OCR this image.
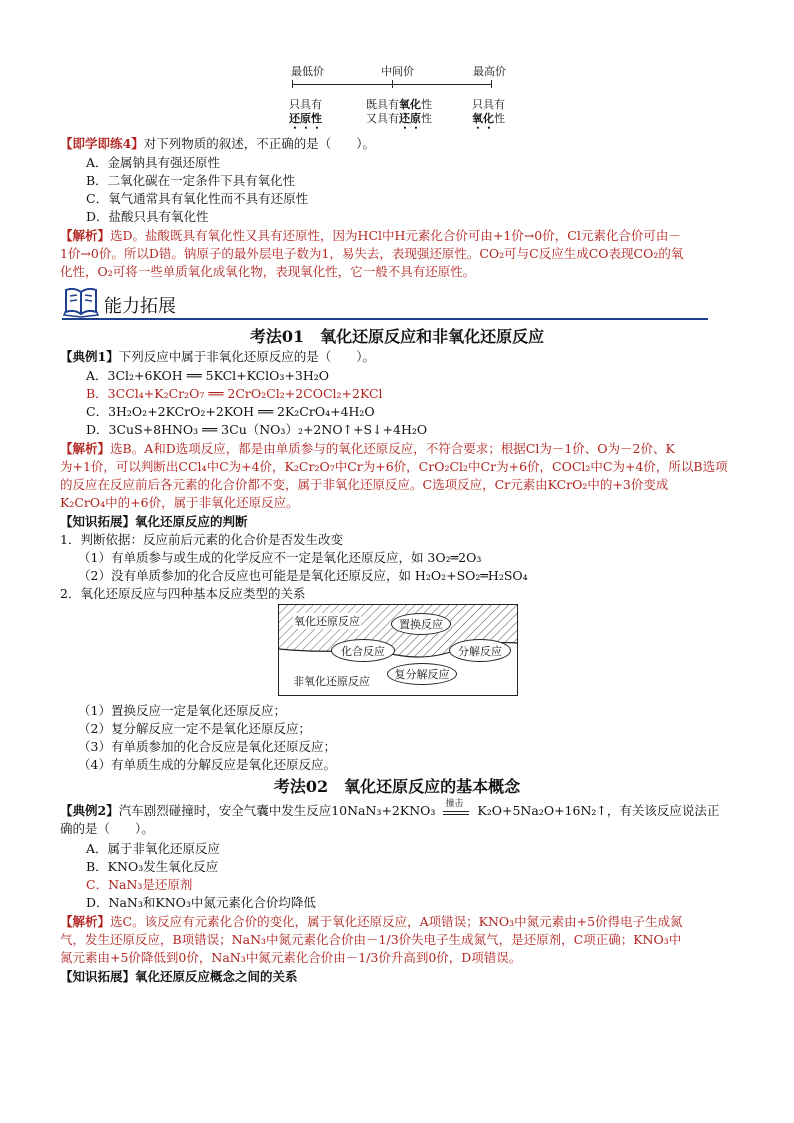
最低价	中间价	最高价
只具有
还原性
既具有氧化性
又具有还原性
只具有
氧化性
【即学即练4】对下列物质的叙述，不正确的是（　　）。
A．金属钠具有强还原性
B．二氧化碳在一定条件下具有氧化性
C．氧气通常具有氧化性而不具有还原性
D．盐酸只具有氧化性
【解析】选D。盐酸既具有氧化性又具有还原性，因为HCl中H元素化合价可由+1价→0价，Cl元素化合价可由－
1价→0价。所以D错。钠原子的最外层电子数为1，易失去，表现强还原性。CO₂可与C反应生成CO表现CO₂的氧
化性，O₂可将一些单质氧化成氧化物，表现氧化性，它一般不具有还原性。
能力拓展
考法01　氧化还原反应和非氧化还原反应
【典例1】下列反应中属于非氧化还原反应的是（　　）。
A．3Cl₂+6KOH ══ 5KCl+KClO₃+3H₂O
B．3CCl₄+K₂Cr₂O₇ ══ 2CrO₂Cl₂+2COCl₂+2KCl
C．3H₂O₂+2KCrO₂+2KOH ══ 2K₂CrO₄+4H₂O
D．3CuS+8HNO₃ ══ 3Cu（NO₃）₂+2NO↑+S↓+4H₂O
【解析】选B。A和D选项反应，都是由单质参与的氧化还原反应，不符合要求；根据Cl为－1价、O为－2价、K
为+1价，可以判断出CCl₄中C为+4价，K₂Cr₂O₇中Cr为+6价，CrO₂Cl₂中Cr为+6价，COCl₂中C为+4价，所以B选项
的反应在反应前后各元素的化合价都不变，属于非氧化还原反应。C选项反应，Cr元素由KCrO₂中的+3价变成
K₂CrO₄中的+6价，属于非氧化还原反应。
【知识拓展】氧化还原反应的判断
1．判断依据：反应前后元素的化合价是否发生改变
（1）有单质参与或生成的化学反应不一定是氧化还原反应，如 3O₂═2O₃
（2）没有单质参加的化合反应也可能是是氧化还原反应，如 H₂O₂+SO₂═H₂SO₄
2．氧化还原反应与四种基本反应类型的关系
氧化还原反应	置换反应
化合反应	分解反应
复分解反应
非氧化还原反应
（1）置换反应一定是氧化还原反应；
（2）复分解反应一定不是氧化还原反应；
（3）有单质参加的化合反应是氧化还原反应；
（4）有单质生成的分解反应是氧化还原反应。
考法02　氧化还原反应的基本概念
【典例2】汽车剧烈碰撞时，安全气囊中发生反应10NaN₃+2KNO₃ 撞击 K₂O+5Na₂O+16N₂↑，有关该反应说法正
确的是（　　）。
A．属于非氧化还原反应
B．KNO₃发生氧化反应
C．NaN₃是还原剂
D．NaN₃和KNO₃中氮元素化合价均降低
【解析】选C。该反应有元素化合价的变化，属于氧化还原反应，A项错误；KNO₃中氮元素由+5价得电子生成氮
气，发生还原反应，B项错误；NaN₃中氮元素化合价由－1/3价失电子生成氮气，是还原剂，C项正确；KNO₃中
氮元素由+5价降低到0价，NaN₃中氮元素化合价由－1/3价升高到0价，D项错误。
【知识拓展】氧化还原反应概念之间的关系
